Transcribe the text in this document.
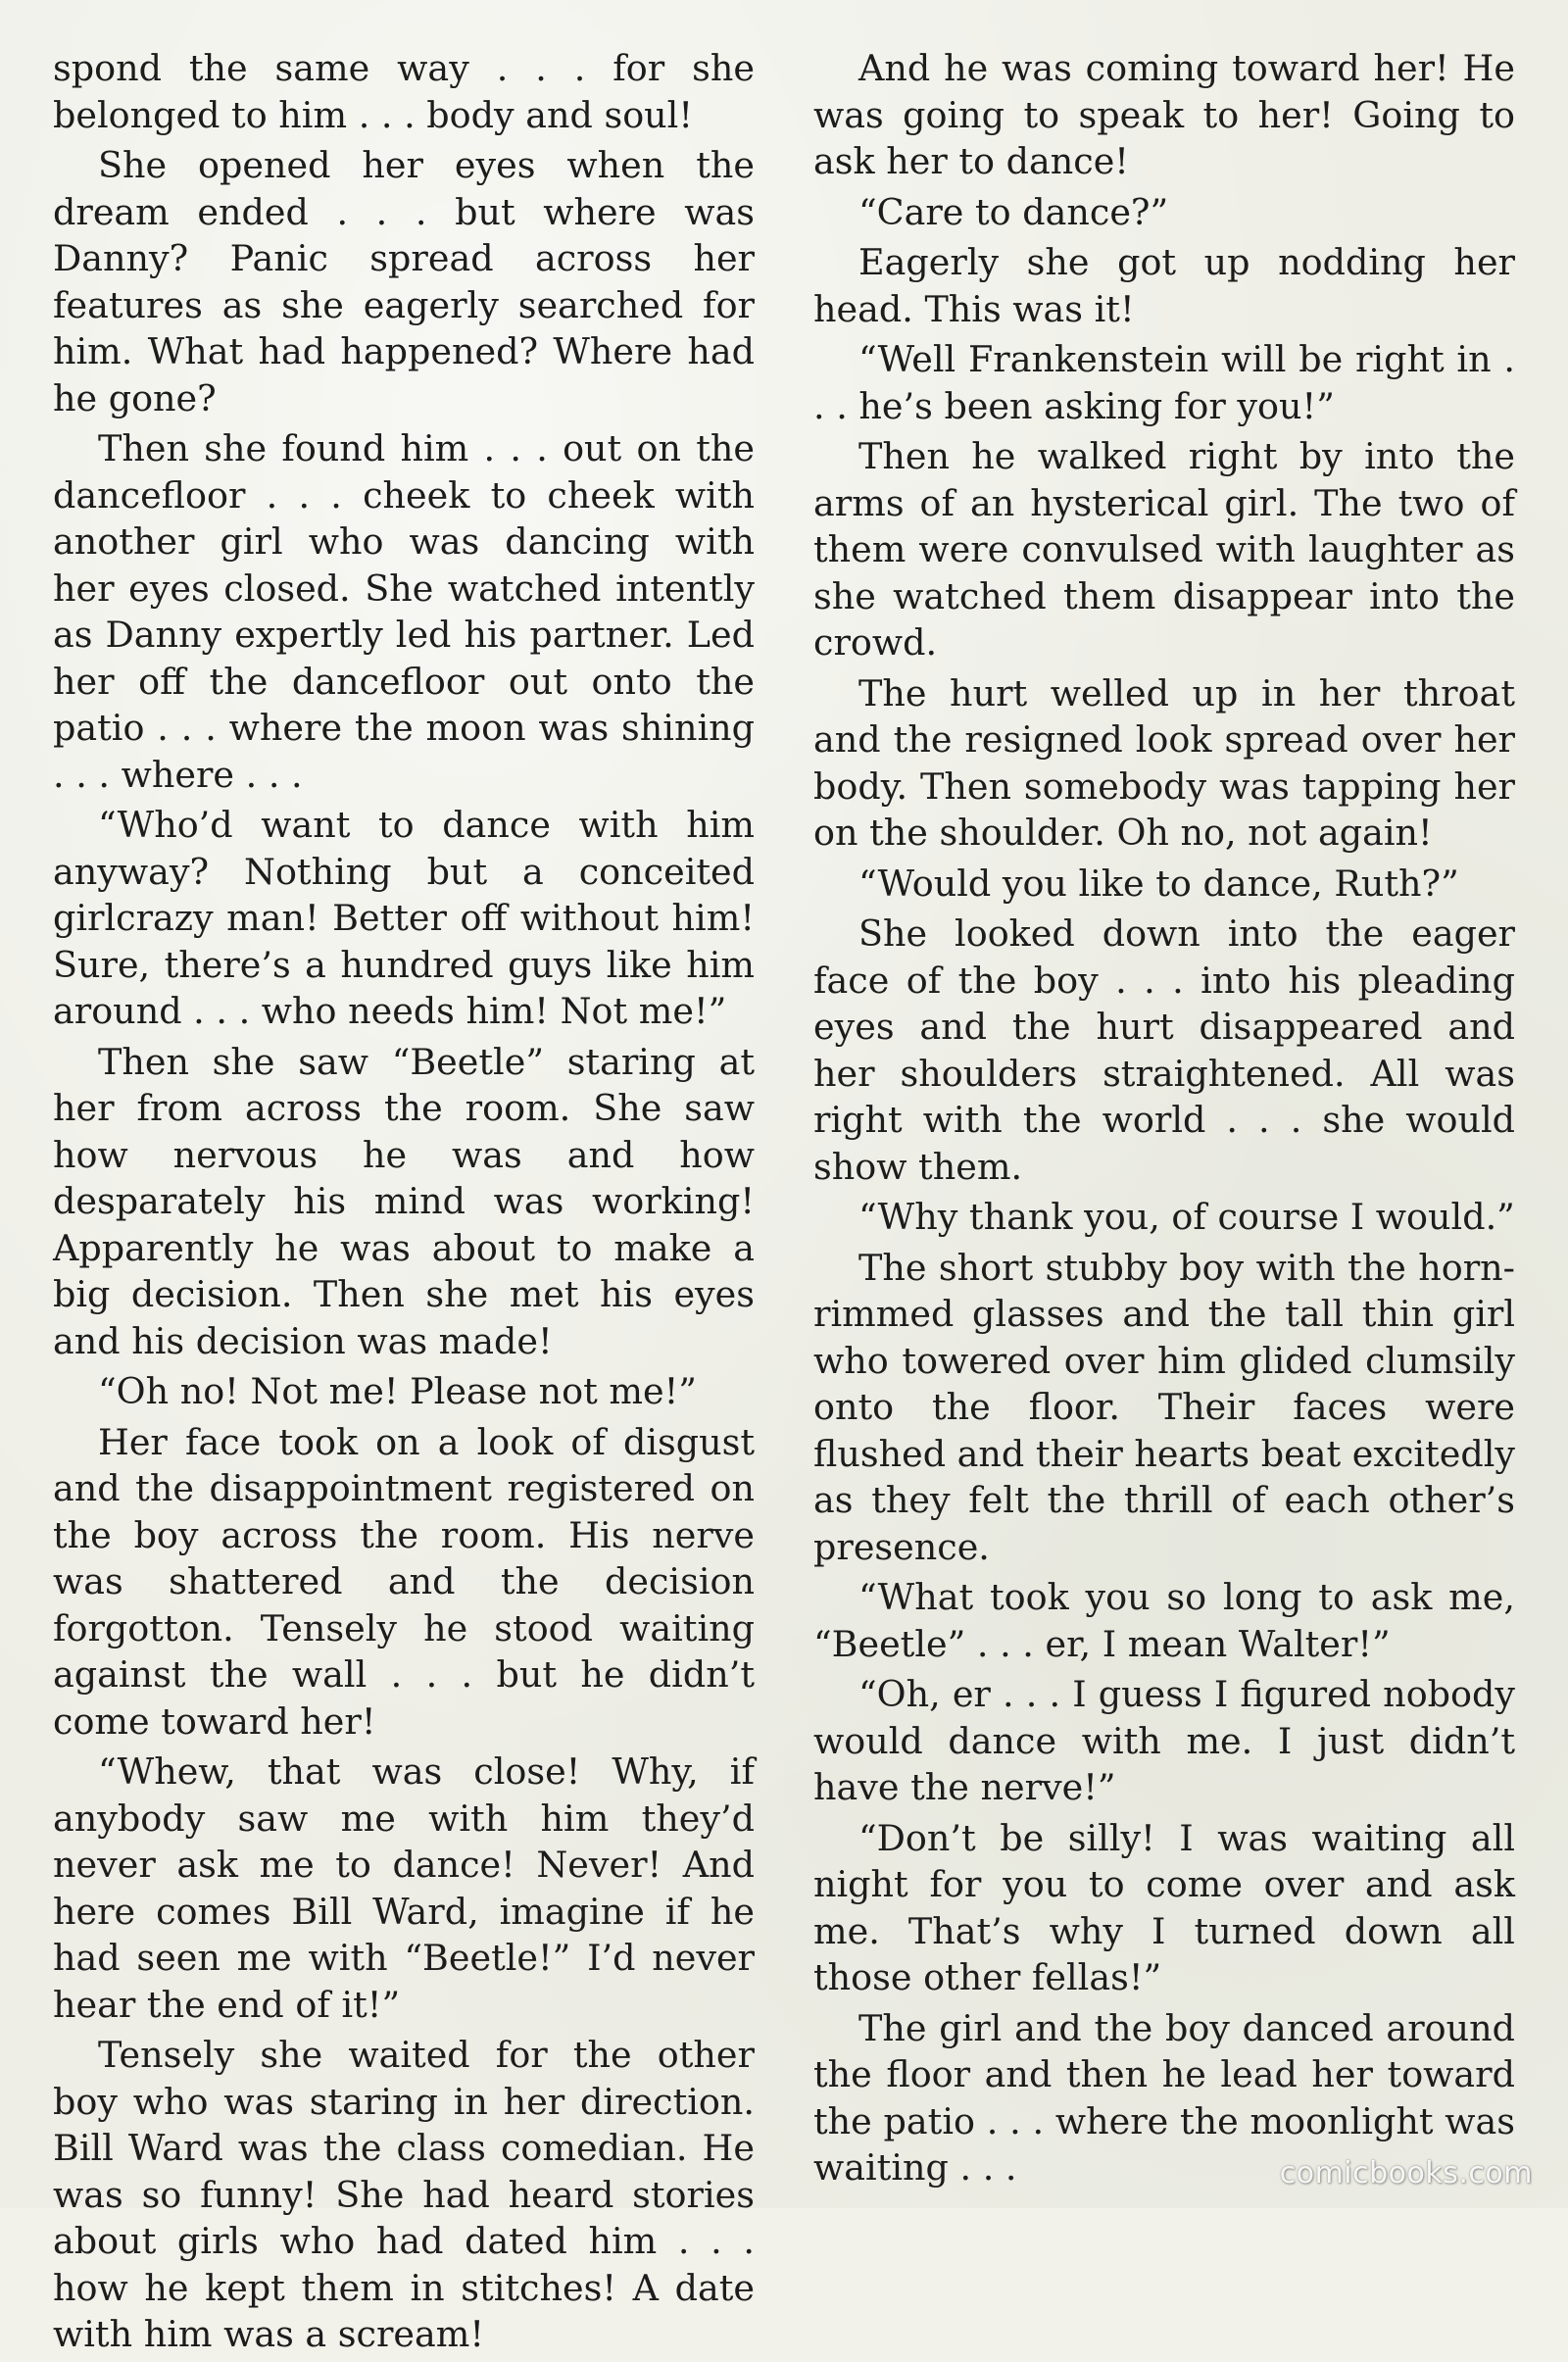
spond the same way . . . for she belonged to him . . . body and soul!

She opened her eyes when the dream ended . . . but where was Danny? Panic spread across her features as she eagerly searched for him. What had happened? Where had he gone?

Then she found him . . . out on the dancefloor . . . cheek to cheek with another girl who was dancing with her eyes closed. She watched intently as Danny expertly led his partner. Led her off the dancefloor out onto the patio . . . where the moon was shining . . . where . . .

“Who’d want to dance with him anyway? Nothing but a conceited girlcrazy man! Better off without him! Sure, there’s a hundred guys like him around . . . who needs him! Not me!”

Then she saw “Beetle” staring at her from across the room. She saw how nervous he was and how desparately his mind was working! Apparently he was about to make a big decision. Then she met his eyes and his decision was made!

“Oh no! Not me! Please not me!”

Her face took on a look of disgust and the disappointment registered on the boy across the room. His nerve was shattered and the decision forgotton. Tensely he stood waiting against the wall . . . but he didn’t come toward her!

“Whew, that was close! Why, if anybody saw me with him they’d never ask me to dance! Never! And here comes Bill Ward, imagine if he had seen me with “Beetle!” I’d never hear the end of it!”

Tensely she waited for the other boy who was staring in her direction. Bill Ward was the class comedian. He was so funny! She had heard stories about girls who had dated him . . . how he kept them in stitches! A date with him was a scream!

And he was coming toward her! He was going to speak to her! Going to ask her to dance!

“Care to dance?”

Eagerly she got up nodding her head. This was it!

“Well Frankenstein will be right in . . . he’s been asking for you!”

Then he walked right by into the arms of an hysterical girl. The two of them were convulsed with laughter as she watched them disappear into the crowd.

The hurt welled up in her throat and the resigned look spread over her body. Then somebody was tapping her on the shoulder. Oh no, not again!

“Would you like to dance, Ruth?”

She looked down into the eager face of the boy . . . into his pleading eyes and the hurt disappeared and her shoulders straightened. All was right with the world . . . she would show them.

“Why thank you, of course I would.”

The short stubby boy with the horn-rimmed glasses and the tall thin girl who towered over him glided clumsily onto the floor. Their faces were flushed and their hearts beat excitedly as they felt the thrill of each other’s presence.

“What took you so long to ask me, “Beetle” . . . er, I mean Walter!”

“Oh, er . . . I guess I figured nobody would dance with me. I just didn’t have the nerve!”

“Don’t be silly! I was waiting all night for you to come over and ask me. That’s why I turned down all those other fellas!”

The girl and the boy danced around the floor and then he lead her toward the patio . . . where the moonlight was waiting . . .	comicbooks.com
